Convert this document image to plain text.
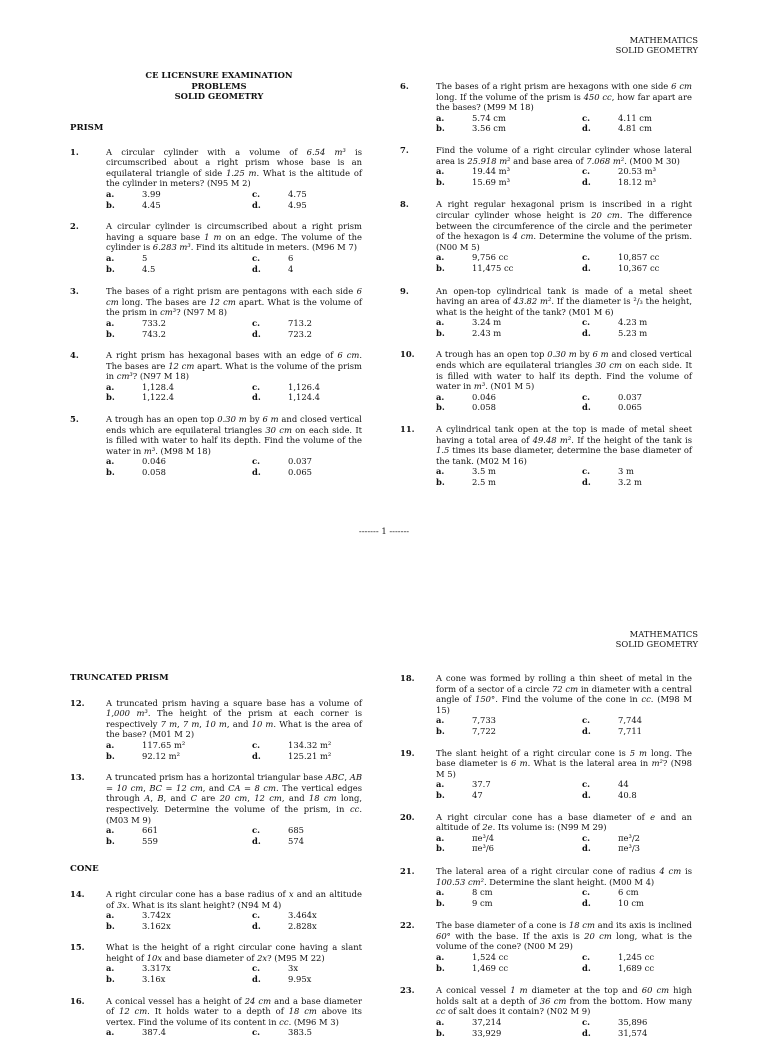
MATHEMATICS
SOLID GEOMETRY
CE LICENSURE EXAMINATION PROBLEMS
SOLID GEOMETRY
PRISM
1.	A circular cylinder with a volume of 6.54 m³ is circumscribed about a right prism whose base is an equilateral triangle of side 1.25 m. What is the altitude of the cylinder in meters? (N95 M 2)
a.	3.99	c.	4.75
b.	4.45	d.	4.95
2.	A circular cylinder is circumscribed about a right prism having a square base 1 m on an edge. The volume of the cylinder is 6.283 m³. Find its altitude in meters. (M96 M 7)
a.	5	c.	6
b.	4.5	d.	4
3.	The bases of a right prism are pentagons with each side 6 cm long. The bases are 12 cm apart. What is the volume of the prism in cm³? (N97 M 8)
a.	733.2	c.	713.2
b.	743.2	d.	723.2
4.	A right prism has hexagonal bases with an edge of 6 cm. The bases are 12 cm apart. What is the volume of the prism in cm³? (N97 M 18)
a.	1,128.4	c.	1,126.4
b.	1,122.4	d.	1,124.4
5.	A trough has an open top 0.30 m by 6 m and closed vertical ends which are equilateral triangles 30 cm on each side. It is filled with water to half its depth. Find the volume of the water in m³. (M98 M 18)
a.	0.046	c.	0.037
b.	0.058	d.	0.065
6.	The bases of a right prism are hexagons with one side 6 cm long. If the volume of the prism is 450 cc, how far apart are the bases? (M99 M 18)
a.	5.74 cm	c.	4.11 cm
b.	3.56 cm	d.	4.81 cm
7.	Find the volume of a right circular cylinder whose lateral area is 25.918 m² and base area of 7.068 m². (M00 M 30)
a.	19.44 m³	c.	20.53 m³
b.	15.69 m³	d.	18.12 m³
8.	A right regular hexagonal prism is inscribed in a right circular cylinder whose height is 20 cm. The difference between the circumference of the circle and the perimeter of the hexagon is 4 cm. Determine the volume of the prism. (N00 M 5)
a.	9,756 cc	c.	10,857 cc
b.	11,475 cc	d.	10,367 cc
9.	An open-top cylindrical tank is made of a metal sheet having an area of 43.82 m². If the diameter is ²/₃ the height, what is the height of the tank? (M01 M 6)
a.	3.24 m	c.	4.23 m
b.	2.43 m	d.	5.23 m
10.	A trough has an open top 0.30 m by 6 m and closed vertical ends which are equilateral triangles 30 cm on each side. It is filled with water to half its depth. Find the volume of water in m³. (N01 M 5)
a.	0.046	c.	0.037
b.	0.058	d.	0.065
11.	A cylindrical tank open at the top is made of metal sheet having a total area of 49.48 m². If the height of the tank is 1.5 times its base diameter, determine the base diameter of the tank. (M02 M 16)
a.	3.5 m	c.	3 m
b.	2.5 m	d.	3.2 m
------- 1 -------
MATHEMATICS
SOLID GEOMETRY
TRUNCATED PRISM
12.	A truncated prism having a square base has a volume of 1,000 m³. The height of the prism at each corner is respectively 7 m, 7 m, 10 m, and 10 m. What is the area of the base? (M01 M 2)
a.	117.65 m²	c.	134.32 m²
b.	92.12 m²	d.	125.21 m²
13.	A truncated prism has a horizontal triangular base ABC, AB = 10 cm, BC = 12 cm, and CA = 8 cm. The vertical edges through A, B, and C are 20 cm, 12 cm, and 18 cm long, respectively. Determine the volume of the prism, in cc. (M03 M 9)
a.	661	c.	685
b.	559	d.	574
CONE
14.	A right circular cone has a base radius of x and an altitude of 3x. What is its slant height? (N94 M 4)
a.	3.742x	c.	3.464x
b.	3.162x	d.	2.828x
15.	What is the height of a right circular cone having a slant height of 10x and base diameter of 2x? (M95 M 22)
a.	3.317x	c.	3x
b.	3.16x	d.	9.95x
16.	A conical vessel has a height of 24 cm and a base diameter of 12 cm. It holds water to a depth of 18 cm above its vertex. Find the volume of its content in cc. (M96 M 3)
a.	387.4	c.	383.5
18.	A cone was formed by rolling a thin sheet of metal in the form of a sector of a circle 72 cm in diameter with a central angle of 150°. Find the volume of the cone in cc. (M98 M 15)
a.	7,733	c.	7,744
b.	7,722	d.	7,711
19.	The slant height of a right circular cone is 5 m long. The base diameter is 6 m. What is the lateral area in m²? (N98 M 5)
a.	37.7	c.	44
b.	47	d.	40.8
20.	A right circular cone has a base diameter of e and an altitude of 2e. Its volume is: (N99 M 29)
a.	πe³/4	c.	πe³/2
b.	πe³/6	d.	πe³/3
21.	The lateral area of a right circular cone of radius 4 cm is 100.53 cm². Determine the slant height. (M00 M 4)
a.	8 cm	c.	6 cm
b.	9 cm	d.	10 cm
22.	The base diameter of a cone is 18 cm and its axis is inclined 60° with the base. If the axis is 20 cm long, what is the volume of the cone? (N00 M 29)
a.	1,524 cc	c.	1,245 cc
b.	1,469 cc	d.	1,689 cc
23.	A conical vessel 1 m diameter at the top and 60 cm high holds salt at a depth of 36 cm from the bottom. How many cc of salt does it contain? (N02 M 9)
a.	37,214	c.	35,896
b.	33,929	d.	31,574
